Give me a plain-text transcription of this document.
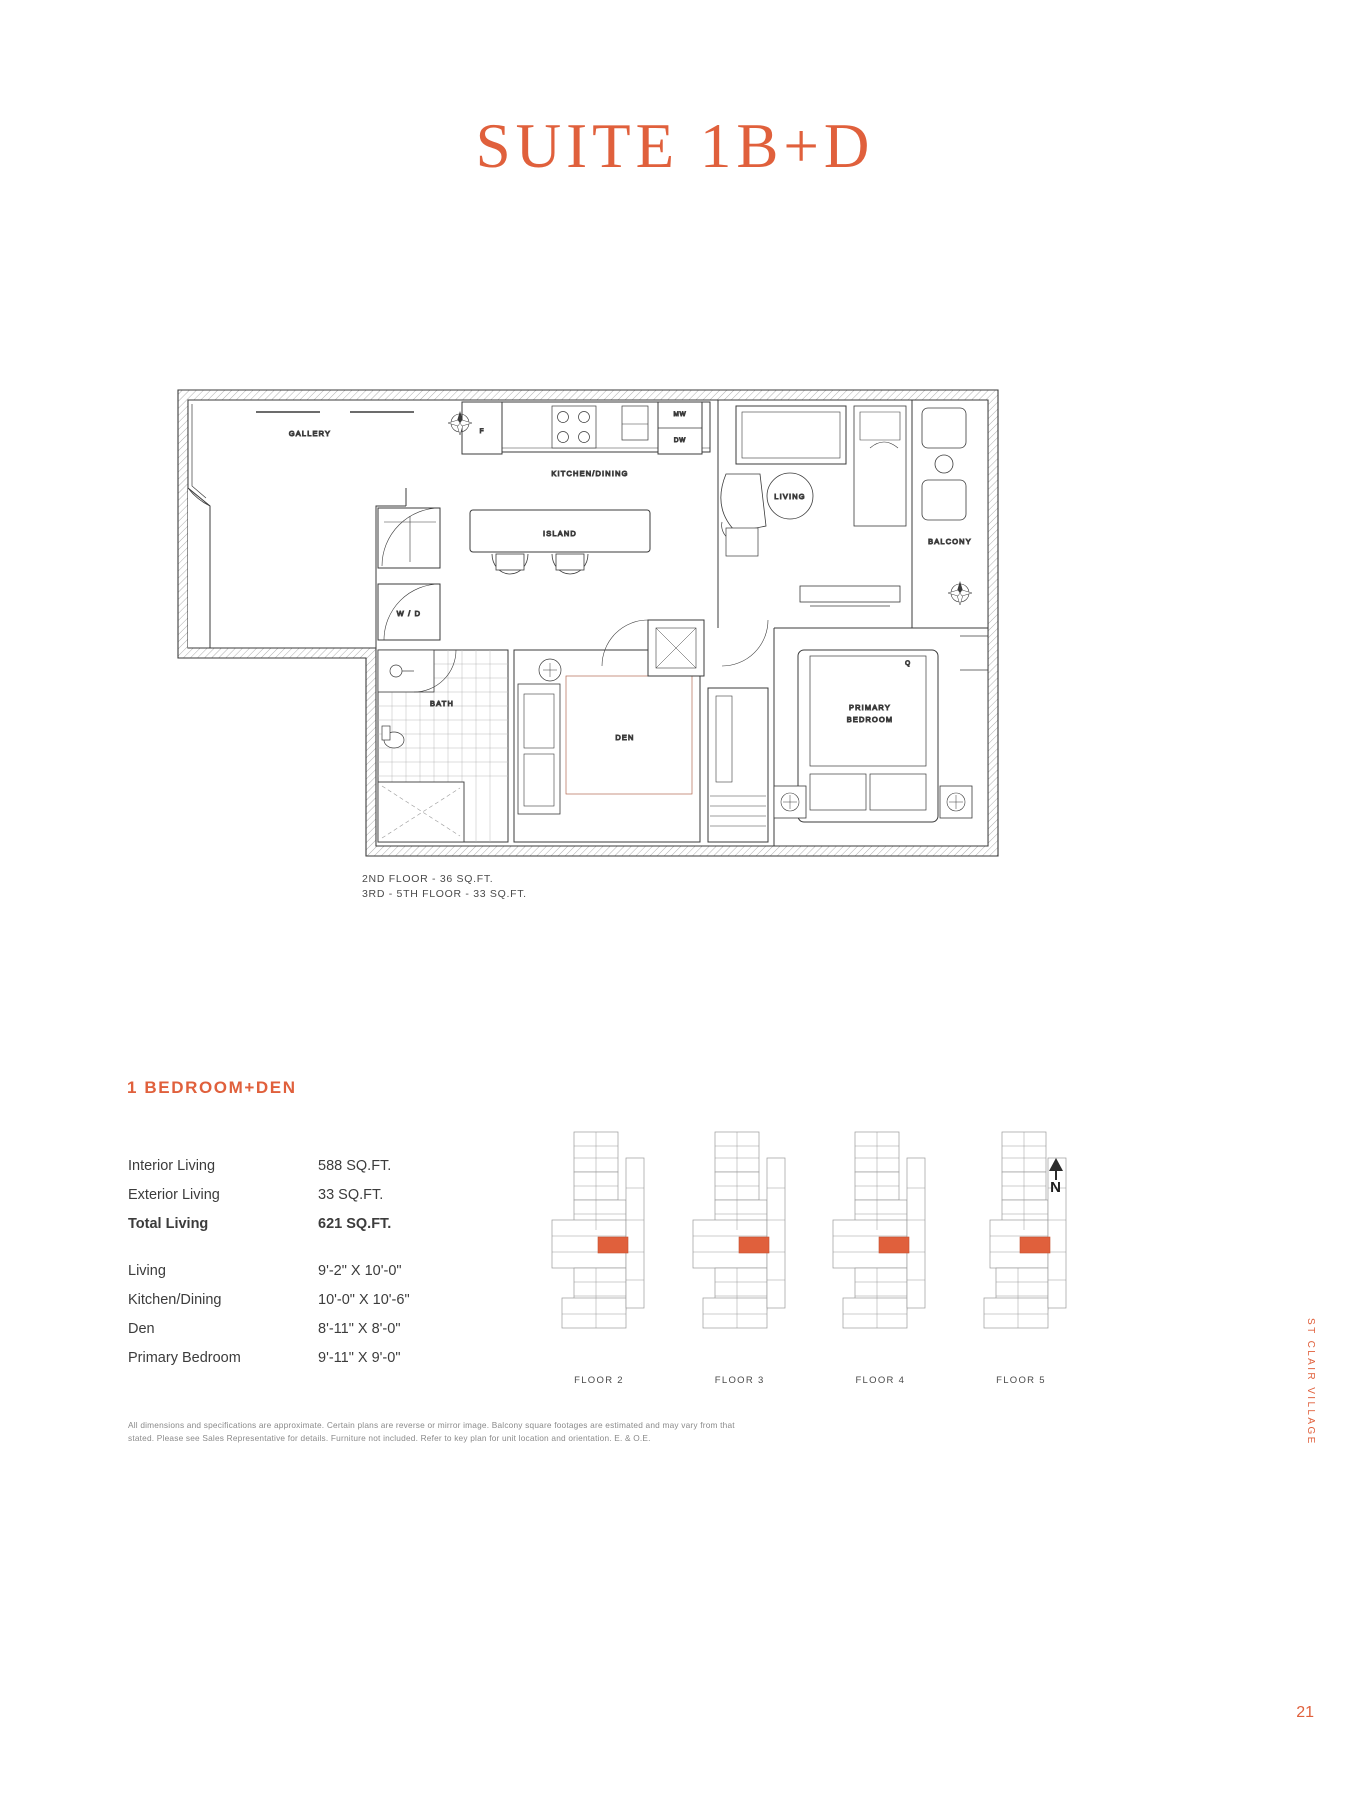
SUITE 1B+D
GALLERY	F
MW
DW
KITCHEN/DINING
ISLAND
LIVING
BALCONY
W / D
BATH
DEN
Q
PRIMARY
BEDROOM
2ND FLOOR - 36 SQ.FT.
3RD - 5TH FLOOR - 33 SQ.FT.
1 BEDROOM+DEN
Interior Living	588 SQ.FT.
Exterior Living	33 SQ.FT.
Total Living	621 SQ.FT.
Living	9'-2" X 10'-0"
Kitchen/Dining	10'-0" X 10'-6"
Den	8'-11" X 8'-0"
Primary Bedroom	9'-11" X 9'-0"
FLOOR 2	FLOOR 3	FLOOR 4	FLOOR 5
N
All dimensions and specifications are approximate. Certain plans are reverse or mirror image. Balcony square footages are estimated and may vary from that stated. Please see Sales Representative for details. Furniture not included. Refer to key plan for unit location and orientation. E. & O.E.	ST CLAIR VILLAGE
21
